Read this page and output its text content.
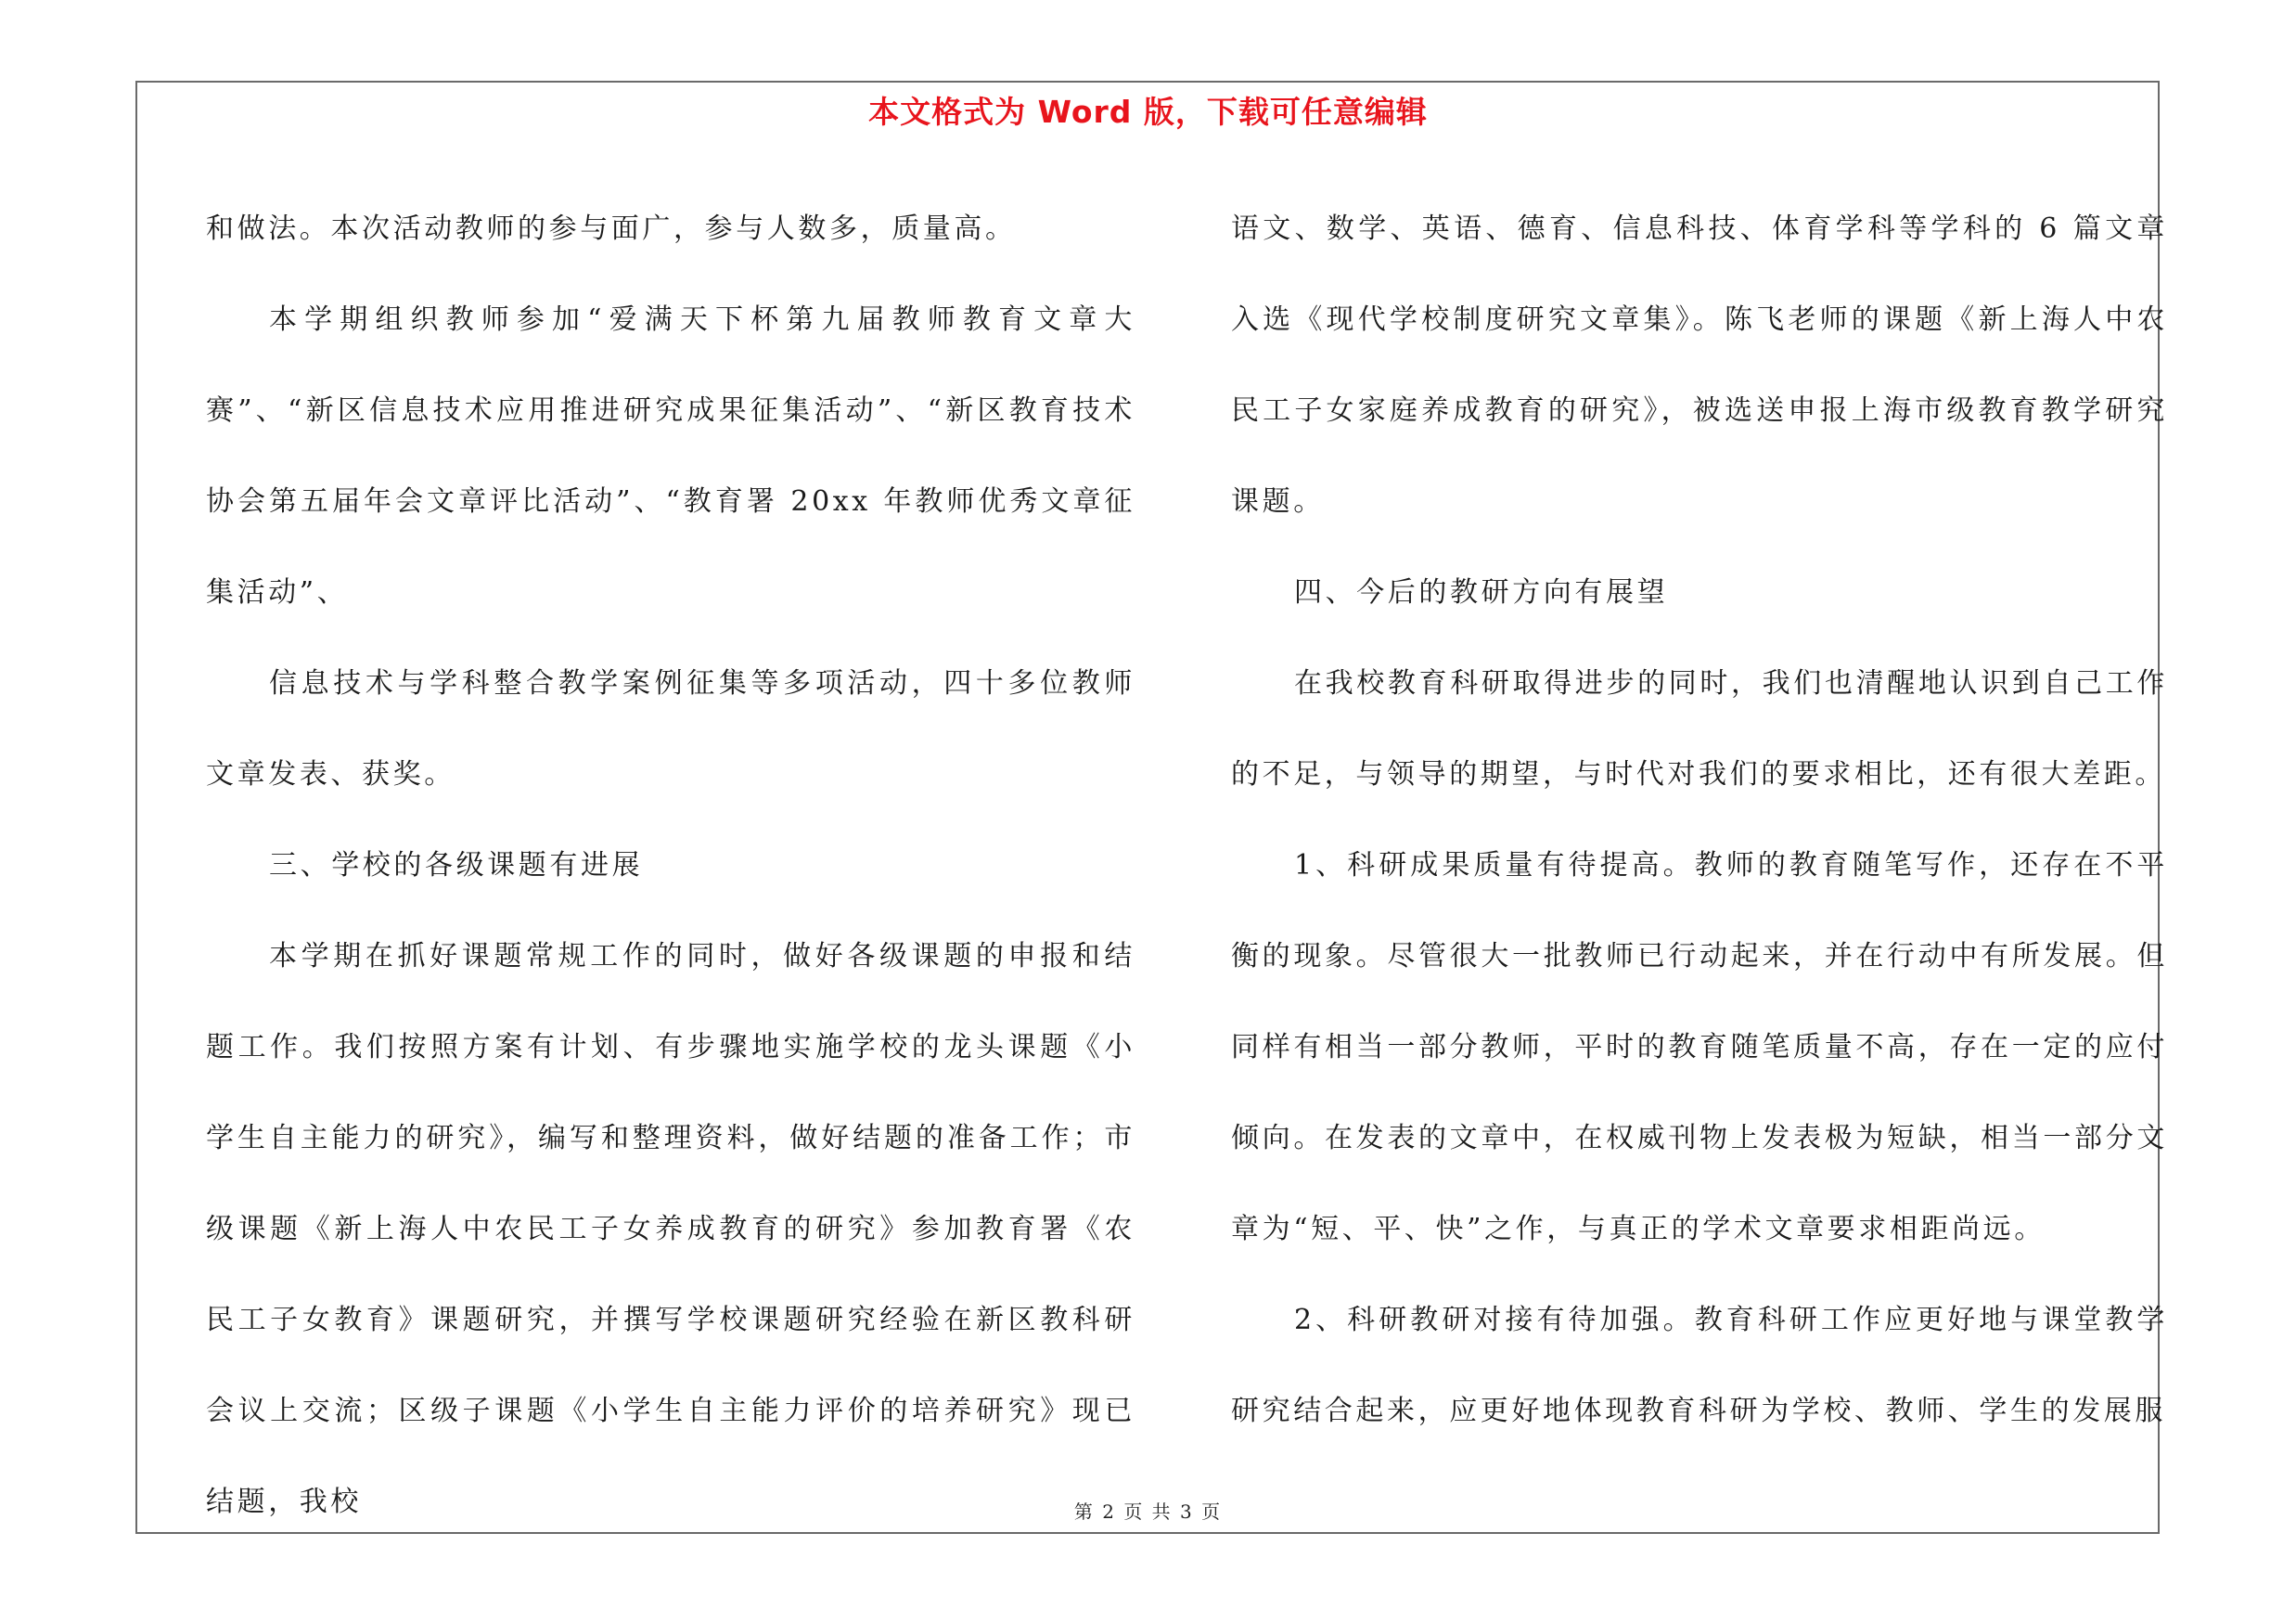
本文格式为 Word 版，下载可任意编辑

和做法。本次活动教师的参与面广，参与人数多，质量高。

本学期组织教师参加“爱满天下杯第九届教师教育文章大赛”、“新区信息技术应用推进研究成果征集活动”、“新区教育技术协会第五届年会文章评比活动”、“教育署 20xx 年教师优秀文章征集活动”、

信息技术与学科整合教学案例征集等多项活动，四十多位教师文章发表、获奖。

三、学校的各级课题有进展

本学期在抓好课题常规工作的同时，做好各级课题的申报和结题工作。我们按照方案有计划、有步骤地实施学校的龙头课题《小学生自主能力的研究》，编写和整理资料，做好结题的准备工作；市级课题《新上海人中农民工子女养成教育的研究》参加教育署《农民工子女教育》课题研究，并撰写学校课题研究经验在新区教科研会议上交流；区级子课题《小学生自主能力评价的培养研究》现已结题，我校

语文、数学、英语、德育、信息科技、体育学科等学科的 6 篇文章入选《现代学校制度研究文章集》。陈飞老师的课题《新上海人中农民工子女家庭养成教育的研究》，被选送申报上海市级教育教学研究课题。

四、今后的教研方向有展望

在我校教育科研取得进步的同时，我们也清醒地认识到自己工作的不足，与领导的期望，与时代对我们的要求相比，还有很大差距。

1、科研成果质量有待提高。教师的教育随笔写作，还存在不平衡的现象。尽管很大一批教师已行动起来，并在行动中有所发展。但同样有相当一部分教师，平时的教育随笔质量不高，存在一定的应付倾向。在发表的文章中，在权威刊物上发表极为短缺，相当一部分文章为“短、平、快”之作，与真正的学术文章要求相距尚远。

2、科研教研对接有待加强。教育科研工作应更好地与课堂教学研究结合起来，应更好地体现教育科研为学校、教师、学生的发展服

第 2 页 共 3 页
